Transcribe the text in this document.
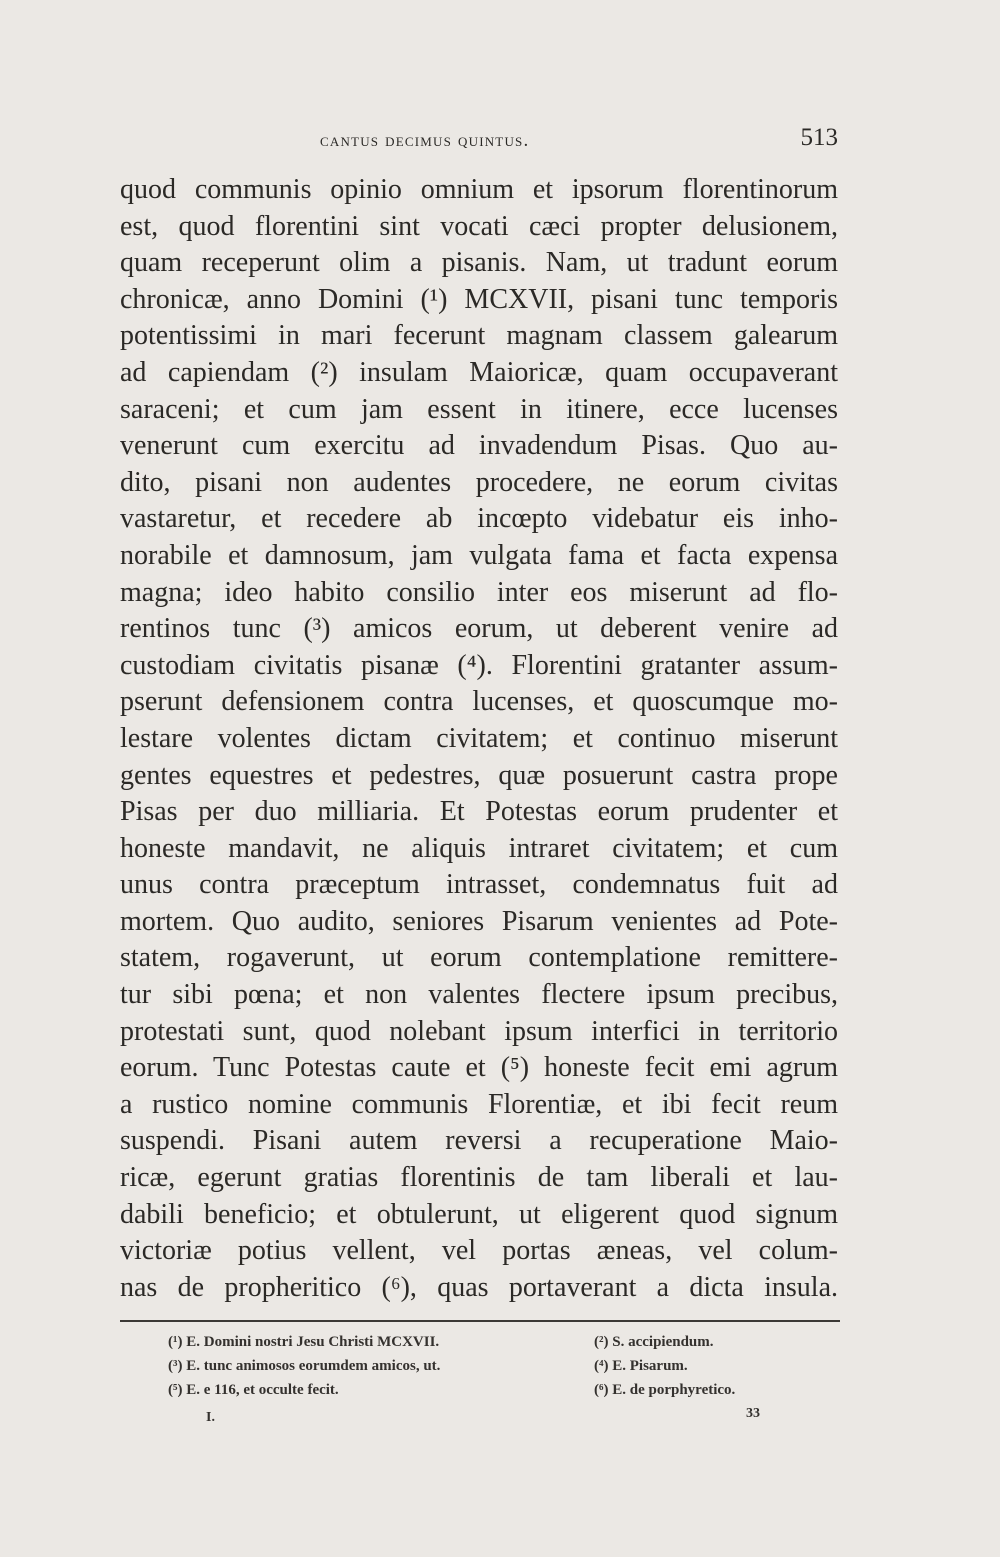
cantus decimus quintus.	513
quod communis opinio omnium et ipsorum florentinorum
est, quod florentini sint vocati cæci propter delusionem,
quam receperunt olim a pisanis. Nam, ut tradunt eorum
chronicæ, anno Domini (¹) MCXVII, pisani tunc temporis
potentissimi in mari fecerunt magnam classem galearum
ad capiendam (²) insulam Maioricæ, quam occupaverant
saraceni; et cum jam essent in itinere, ecce lucenses
venerunt cum exercitu ad invadendum Pisas. Quo au-
dito, pisani non audentes procedere, ne eorum civitas
vastaretur, et recedere ab incœpto videbatur eis inho-
norabile et damnosum, jam vulgata fama et facta expensa
magna; ideo habito consilio inter eos miserunt ad flo-
rentinos tunc (³) amicos eorum, ut deberent venire ad
custodiam civitatis pisanæ (⁴). Florentini gratanter assum-
pserunt defensionem contra lucenses, et quoscumque mo-
lestare volentes dictam civitatem; et continuo miserunt
gentes equestres et pedestres, quæ posuerunt castra prope
Pisas per duo milliaria. Et Potestas eorum prudenter et
honeste mandavit, ne aliquis intraret civitatem; et cum
unus contra præceptum intrasset, condemnatus fuit ad
mortem. Quo audito, seniores Pisarum venientes ad Pote-
statem, rogaverunt, ut eorum contemplatione remittere-
tur sibi pœna; et non valentes flectere ipsum precibus,
protestati sunt, quod nolebant ipsum interfici in territorio
eorum. Tunc Potestas caute et (⁵) honeste fecit emi agrum
a rustico nomine communis Florentiæ, et ibi fecit reum
suspendi. Pisani autem reversi a recuperatione Maio-
ricæ, egerunt gratias florentinis de tam liberali et lau-
dabili beneficio; et obtulerunt, ut eligerent quod signum
victoriæ potius vellent, vel portas æneas, vel colum-
nas de propheritico (⁶), quas portaverant a dicta insula.
(¹) E. Domini nostri Jesu Christi MCXVII.	(²) S. accipiendum.
(³) E. tunc animosos eorumdem amicos, ut.	(⁴) E. Pisarum.
(⁵) E. e 116, et occulte fecit.	(⁶) E. de porphyretico.
I.	33
